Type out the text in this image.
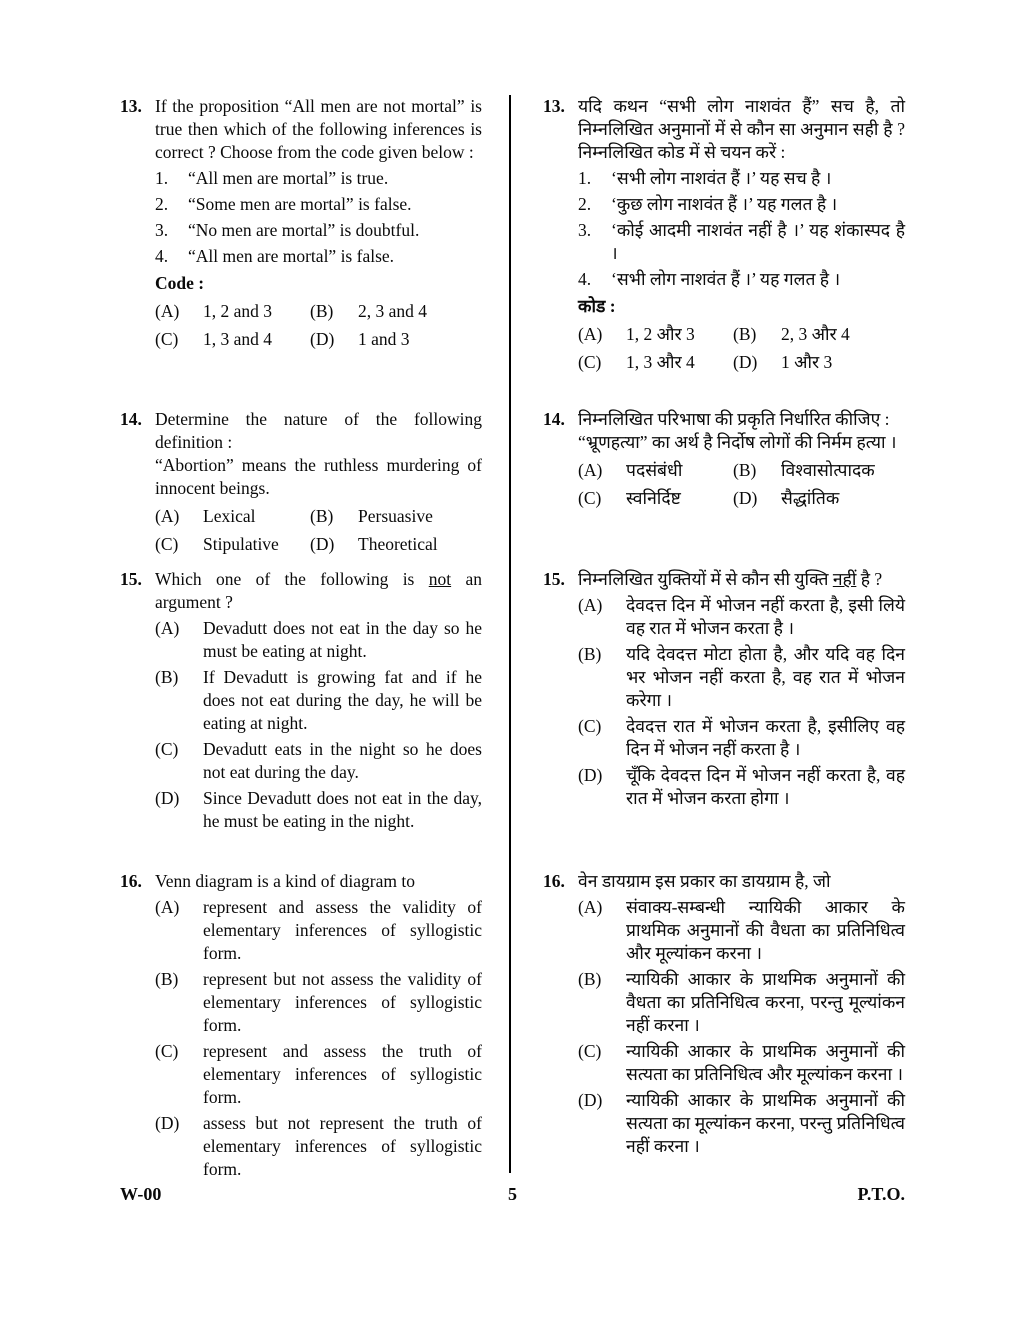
13. If the proposition “All men are not mortal” is true then which of the following inferences is correct ? Choose from the code given below :

1.	“All men are mortal” is true.
2.	“Some men are mortal” is false.
3.	“No men are mortal” is doubtful.
4.	“All men are mortal” is false.

Code :

(A)	1, 2 and 3	(B)	2, 3 and 4
(C)	1, 3 and 4	(D)	1 and 3
13. यदि कथन “सभी लोग नाशवंत हैं” सच है, तो निम्नलिखित अनुमानों में से कौन सा अनुमान सही है ? निम्नलिखित कोड में से चयन करें :

1.	‘सभी लोग नाशवंत हैं ।’ यह सच है ।
2.	‘कुछ लोग नाशवंत हैं ।’ यह गलत है ।
3.	‘कोई आदमी नाशवंत नहीं है ।’ यह शंकास्पद है ।
4.	‘सभी लोग नाशवंत हैं ।’ यह गलत है ।

कोड :

(A)	1, 2 और 3	(B)	2, 3 और 4
(C)	1, 3 और 4	(D)	1 और 3
14. Determine the nature of the following definition :

“Abortion” means the ruthless murdering of innocent beings.

(A)	Lexical	(B)	Persuasive
(C)	Stipulative	(D)	Theoretical
14. निम्नलिखित परिभाषा की प्रकृति निर्धारित कीजिए :

“भ्रूणहत्या” का अर्थ है निर्दोष लोगों की निर्मम हत्या ।

(A)	पदसंबंधी	(B)	विश्वासोत्पादक
(C)	स्वनिर्दिष्ट	(D)	सैद्धांतिक
15. Which one of the following is not an argument ?

(A)	Devadutt does not eat in the day so he must be eating at night.
(B)	If Devadutt is growing fat and if he does not eat during the day, he will be eating at night.
(C)	Devadutt eats in the night so he does not eat during the day.
(D)	Since Devadutt does not eat in the day, he must be eating in the night.
15. निम्नलिखित युक्तियों में से कौन सी युक्ति नहीं है ?

(A)	देवदत्त दिन में भोजन नहीं करता है, इसी लिये वह रात में भोजन करता है ।
(B)	यदि देवदत्त मोटा होता है, और यदि वह दिन भर भोजन नहीं करता है, वह रात में भोजन करेगा ।
(C)	देवदत्त रात में भोजन करता है, इसीलिए वह दिन में भोजन नहीं करता है ।
(D)	चूँकि देवदत्त दिन में भोजन नहीं करता है, वह रात में भोजन करता होगा ।
16. Venn diagram is a kind of diagram to

(A)	represent and assess the validity of elementary inferences of syllogistic form.
(B)	represent but not assess the validity of elementary inferences of syllogistic form.
(C)	represent and assess the truth of elementary inferences of syllogistic form.
(D)	assess but not represent the truth of elementary inferences of syllogistic form.
16. वेन डायग्राम इस प्रकार का डायग्राम है, जो

(A)	संवाक्य-सम्बन्धी न्यायिकी आकार के प्राथमिक अनुमानों की वैधता का प्रतिनिधित्व और मूल्यांकन करना ।
(B)	न्यायिकी आकार के प्राथमिक अनुमानों की वैधता का प्रतिनिधित्व करना, परन्तु मूल्यांकन नहीं करना ।
(C)	न्यायिकी आकार के प्राथमिक अनुमानों की सत्यता का प्रतिनिधित्व और मूल्यांकन करना ।
(D)	न्यायिकी आकार के प्राथमिक अनुमानों की सत्यता का मूल्यांकन करना, परन्तु प्रतिनिधित्व नहीं करना ।
W-00	5	P.T.O.
